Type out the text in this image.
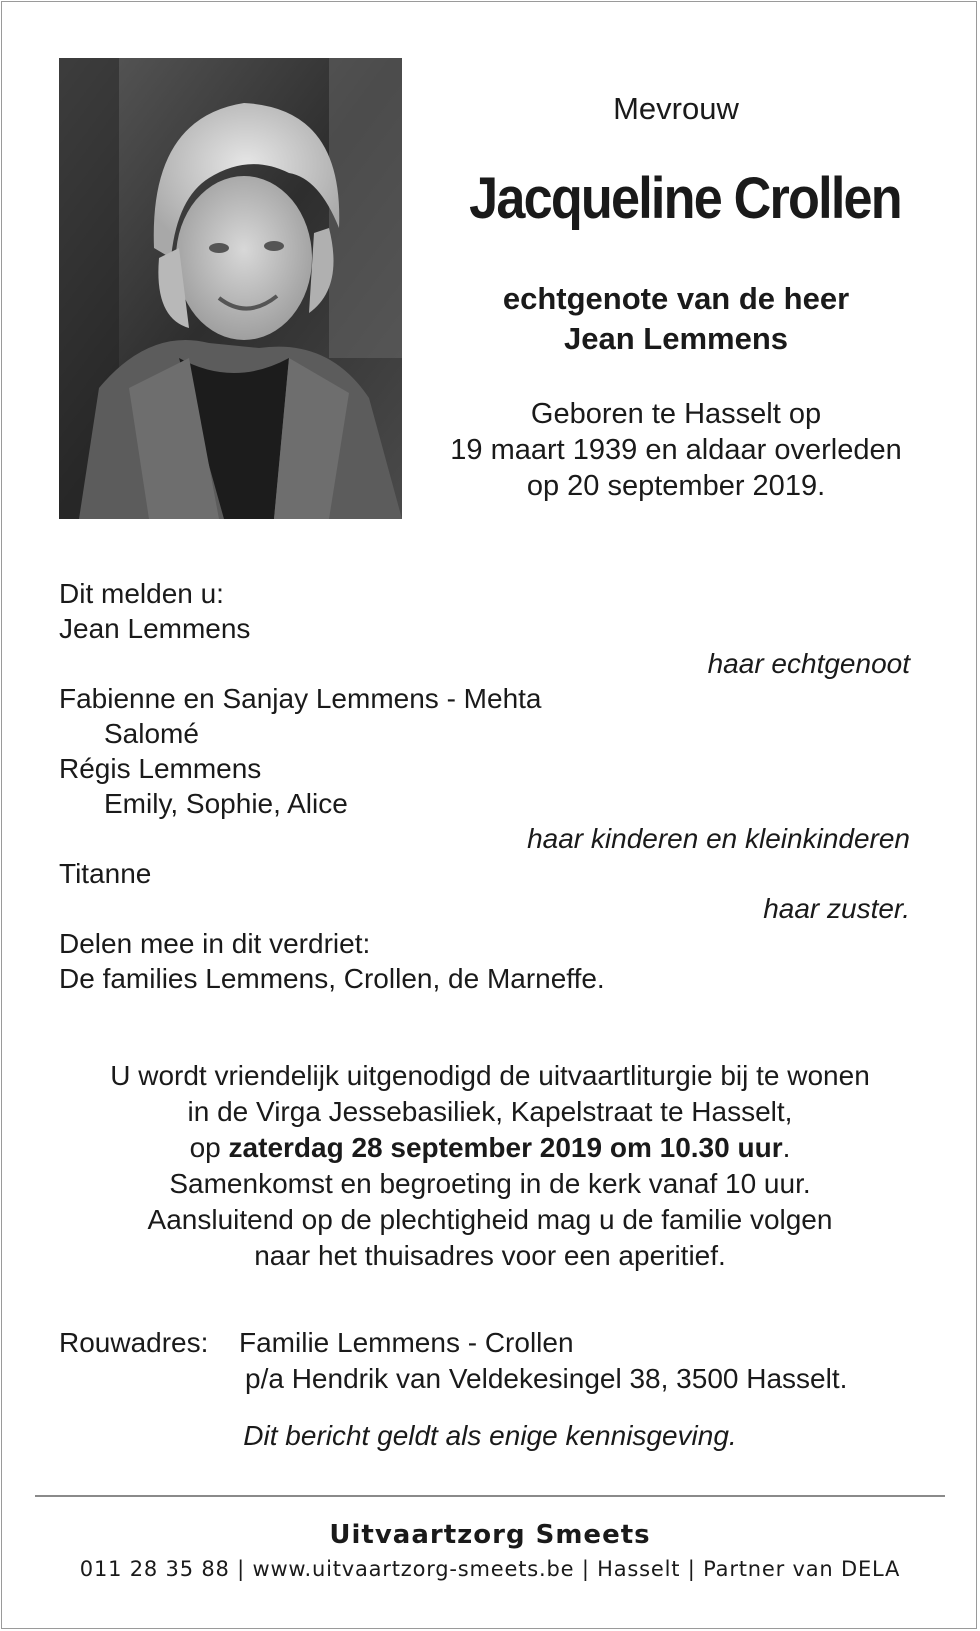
Mevrouw
Jacqueline Crollen
echtgenote van de heer
Jean Lemmens
Geboren te Hasselt op
19 maart 1939 en aldaar overleden
op 20 september 2019.
Dit melden u:
Jean Lemmens
haar echtgenoot
Fabienne en Sanjay Lemmens - Mehta
Salomé
Régis Lemmens
Emily, Sophie, Alice
haar kinderen en kleinkinderen
Titanne
haar zuster.
Delen mee in dit verdriet:
De families Lemmens, Crollen, de Marneffe.
U wordt vriendelijk uitgenodigd de uitvaartliturgie bij te wonen
in de Virga Jessebasiliek, Kapelstraat te Hasselt,
op zaterdag 28 september 2019 om 10.30 uur.
Samenkomst en begroeting in de kerk vanaf 10 uur.
Aansluitend op de plechtigheid mag u de familie volgen
naar het thuisadres voor een aperitief.
Rouwadres: Familie Lemmens - Crollen
p/a Hendrik van Veldekesingel 38, 3500 Hasselt.
Dit bericht geldt als enige kennisgeving.
Uitvaartzorg Smeets
011 28 35 88 | www.uitvaartzorg-smeets.be | Hasselt | Partner van DELA
